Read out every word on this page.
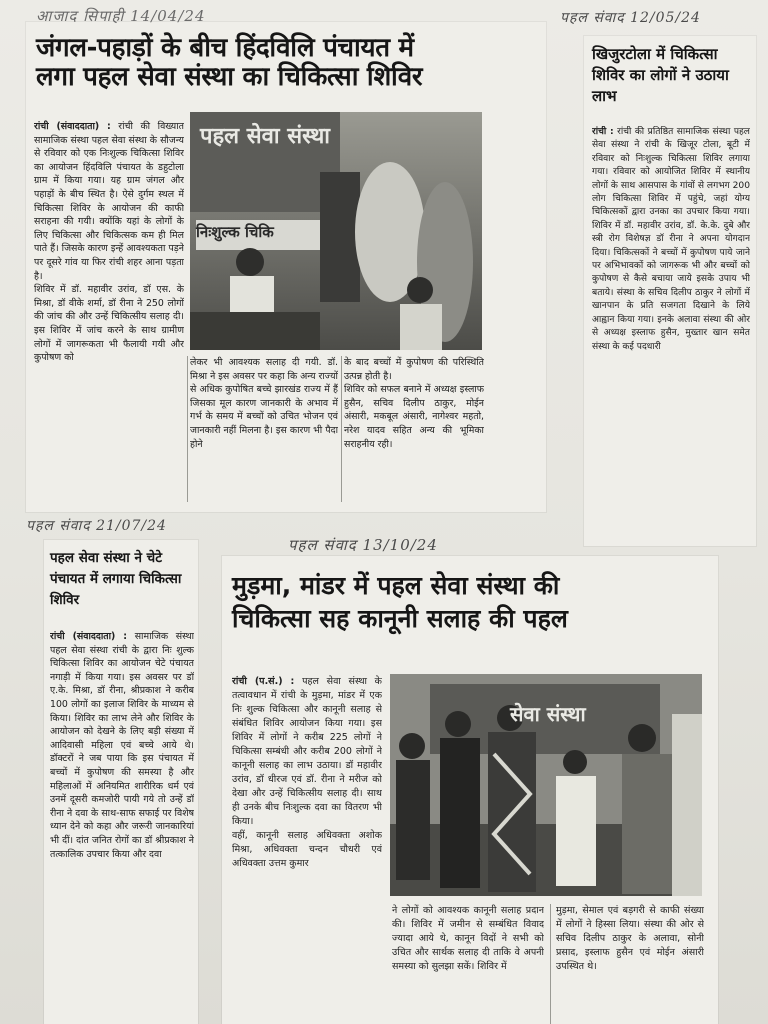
आजाद सिपाही 14/04/24
जंगल-पहाड़ों के बीच हिंदविलि पंचायत में
लगा पहल सेवा संस्था का चिकित्सा शिविर
रांची (संवाददाता) : रांची की विख्यात सामाजिक संस्था पहल सेवा संस्था के सौजन्य से रविवार को एक निःशुल्क चिकित्सा शिविर का आयोजन हिंदविलि पंचायत के डहुटोला ग्राम में किया गया। यह ग्राम जंगल और पहाड़ों के बीच स्थित है। ऐसे दुर्गम स्थल में चिकित्सा शिविर के आयोजन की काफी सराहना की गयी। क्योंकि यहां के लोगों के लिए चिकित्सा और चिकित्सक कम ही मिल पाते हैं। जिसके कारण इन्हें आवश्यकता पड़ने पर दूसरे गांव या फिर रांची शहर आना पड़ता है।
शिविर में डॉ. महावीर उरांव, डॉ एस. के मिश्रा, डॉ वीके शर्मा, डॉ रीना ने 250 लोगों की जांच की और उन्हें चिकित्सीय सलाह दी। इस शिविर में जांच करने के साथ ग्रामीण लोगों में जागरूकता भी फैलायी गयी और कुपोषण को
पहल सेवा संस्था
निःशुल्क चिकि
लेकर भी आवश्यक सलाह दी गयी. डॉ. मिश्रा ने इस अवसर पर कहा कि अन्य राज्यों से अधिक कुपोषित बच्चे झारखंड राज्य में हैं जिसका मूल कारण जानकारी के अभाव में गर्भ के समय में बच्चों को उचित भोजन एवं जानकारी नहीं मिलना है। इस कारण भी पैदा होने
के बाद बच्चों में कुपोषण की परिस्थिति उत्पन्न होती है।
शिविर को सफल बनाने में अध्यक्ष इस्लाफ हुसैन, सचिव दिलीप ठाकुर, मोईन अंसारी, मकबूल अंसारी, नागेश्वर महतो, नरेश यादव सहित अन्य की भूमिका सराहनीय रही।
पहल संवाद 12/05/24
खिजुरटोला में चिकित्सा शिविर का लोगों ने उठाया लाभ
रांची : रांची की प्रतिष्ठित सामाजिक संस्था पहल सेवा संस्था ने रांची के खिजूर टोला, बूटी में रविवार को निःशुल्क चिकित्सा शिविर लगाया गया। रविवार को आयोजित शिविर में स्थानीय लोगों के साथ आसपास के गांवों से लगभग 200 लोग चिकित्सा शिविर में पहुंचे, जहां योग्य चिकित्सकों द्वारा उनका का उपचार किया गया। शिविर में डॉ. महावीर उरांव, डॉ. के.के. दुबे और स्त्री रोग विशेषज्ञ डॉ रीना ने अपना योगदान दिया। चिकित्सकों ने बच्चों में कुपोषण पाये जाने पर अभिभावकों को जागरूक भी और बच्चों को कुपोषण से कैसे बचाया जाये इसके उपाय भी बताये। संस्था के सचिव दिलीप ठाकुर ने लोगों में खानपान के प्रति सजगता दिखाने के लिये आह्वान किया गया। इनके अलावा संस्था की ओर से अध्यक्ष इस्लाफ हुसैन, मुख्तार खान समेत संस्था के कई पदधारी
पहल संवाद 21/07/24
पहल सेवा संस्था ने चेटे पंचायत में लगाया चिकित्सा शिविर
रांची (संवाददाता) : सामाजिक संस्था पहल सेवा संस्था रांची के द्वारा निः शुल्क चिकित्सा शिविर का आयोजन चेटे पंचायत नगाड़ी में किया गया। इस अवसर पर डॉ ए.के. मिश्रा, डॉ रीना, श्रीप्रकाश ने करीब 100 लोगों का इलाज शिविर के माध्यम से किया। शिविर का लाभ लेने और शिविर के आयोजन को देखने के लिए बड़ी संख्या में आदिवासी महिला एवं बच्चे आये थे। डॉक्टरों ने जब पाया कि इस पंचायत में बच्चों में कुपोषण की समस्या है और महिलाओं में अनियमित शारीरिक धर्म एवं उनमें दूसरी कमजोरी पायी गये तो उन्हें डॉ रीना ने दवा के साथ-साफ सफाई पर विशेष ध्यान देने को कहा और जरूरी जानकारियां भी दीं। दांत जनित रोगों का डॉ श्रीप्रकाश ने तत्कालिक उपचार किया और दवा
पहल संवाद 13/10/24
मुड़मा, मांडर में पहल सेवा संस्था की
चिकित्सा सह कानूनी सलाह की पहल
रांची (प.सं.) : पहल सेवा संस्था के तत्वावधान में रांची के मुड़मा, मांडर में एक निः शुल्क चिकित्सा और कानूनी सलाह से संबंधित शिविर आयोजन किया गया। इस शिविर में लोगों ने करीब 225 लोगों ने चिकित्सा सम्बंधी और करीब 200 लोगों ने कानूनी सलाह का लाभ उठाया। डॉ महावीर उरांव, डॉ धीरज एवं डॉ. रीना ने मरीज को देखा और उन्हें चिकित्सीय सलाह दी। साथ ही उनके बीच निःशुल्क दवा का वितरण भी किया।
वहीं, कानूनी सलाह अधिवक्ता अशोक मिश्रा, अधिवक्ता चन्दन चौधरी एवं अधिवक्ता उत्तम कुमार
सेवा संस्था
ने लोगों को आवश्यक कानूनी सलाह प्रदान की। शिविर में जमीन से सम्बंधित विवाद ज्यादा आये थे, कानून विदों ने सभी को उचित और सार्थक सलाह दी ताकि वे अपनी समस्या को सुलझा सकें। शिविर में
मुड़मा, सेमाल एवं बड़गरी से काफी संख्या में लोगों ने हिस्सा लिया। संस्था की ओर से सचिव दिलीप ठाकुर के अलावा, सोनी प्रसाद, इस्लाफ हुसैन एवं मोईन अंसारी उपस्थित थे।
